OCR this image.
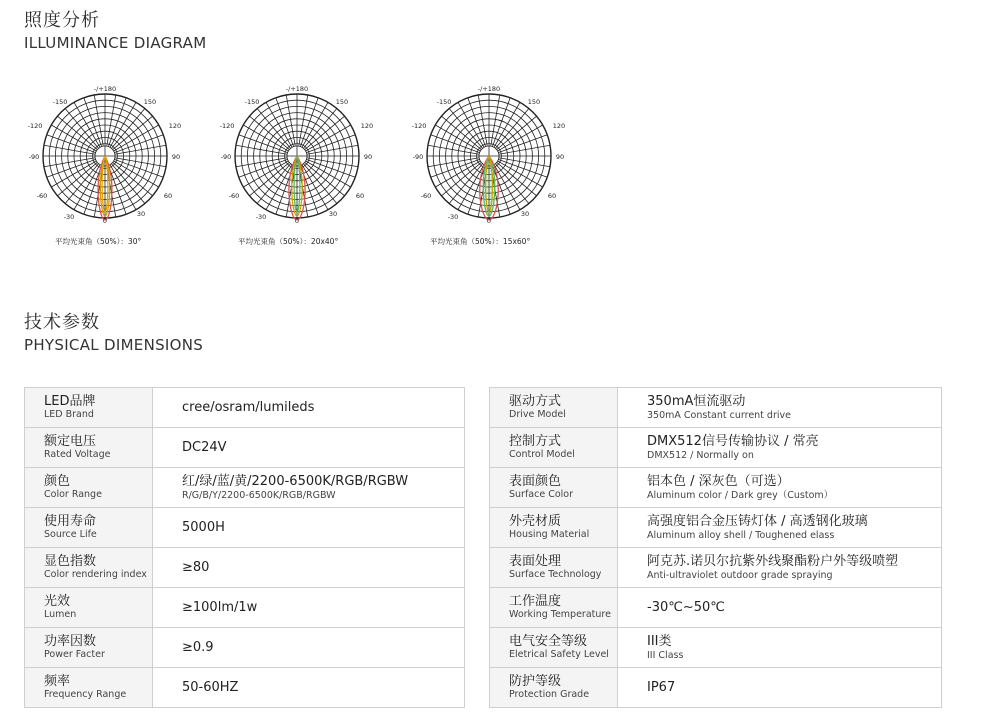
照度分析
ILLUMINANCE DIAGRAM
-/+180
-150	150
-120	120
-90	90
-60	60
-30	30
0
-/+180
-150	150
-120	120
-90	90
-60	60
-30	30
0
-/+180
-150	150
-120	120
-90	90
-60	60
-30	30
0
平均光束角（50%）：30°	平均光束角（50%）：20x40°	平均光束角（50%）：15x60°
技术参数
PHYSICAL DIMENSIONS
LED品牌
LED Brand	cree/osram/lumileds

额定电压
Rated Voltage	DC24V

颜色
Color Range	红/绿/蓝/黄/2200-6500K/RGB/RGBW
R/G/B/Y/2200-6500K/RGB/RGBW

使用寿命
Source Life	5000H

显色指数
Color rendering index	≥80

光效
Lumen	≥100lm/1w

功率因数
Power Facter	≥0.9

频率
Frequency Range	50-60HZ
驱动方式
Drive Model	350mA恒流驱动
350mA Constant current drive

控制方式
Control Model	DMX512信号传输协议 / 常亮
DMX512 / Normally on

表面颜色
Surface Color	铝本色 / 深灰色（可选）
Aluminum color / Dark grey（Custom）

外壳材质
Housing Material	高强度铝合金压铸灯体 / 高透钢化玻璃
Aluminum alloy shell / Toughened elass

表面处理
Surface Technology	阿克苏.诺贝尔抗紫外线聚酯粉户外等级喷塑
Anti-ultraviolet outdoor grade spraying

工作温度
Working Temperature	-30℃~50℃

电气安全等级
Eletrical Safety Level	III类
III Class

防护等级
Protection Grade	IP67
